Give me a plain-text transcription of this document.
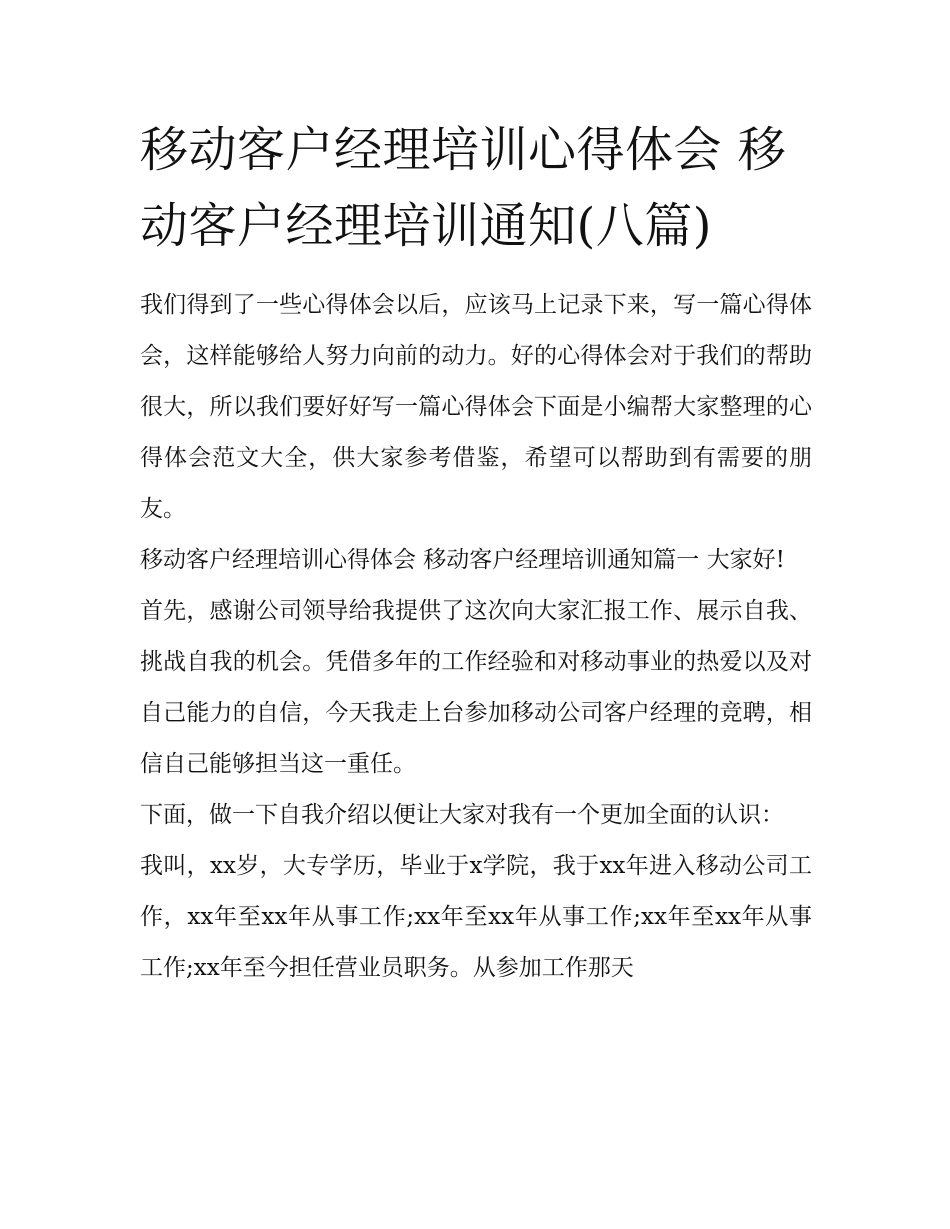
移动客户经理培训心得体会 移动客户经理培训通知(八篇)

我们得到了一些心得体会以后，应该马上记录下来，写一篇心得体会，这样能够给人努力向前的动力。好的心得体会对于我们的帮助很大，所以我们要好好写一篇心得体会下面是小编帮大家整理的心得体会范文大全，供大家参考借鉴，希望可以帮助到有需要的朋友。

移动客户经理培训心得体会 移动客户经理培训通知篇一 大家好!

首先，感谢公司领导给我提供了这次向大家汇报工作、展示自我、挑战自我的机会。凭借多年的工作经验和对移动事业的热爱以及对自己能力的自信，今天我走上台参加移动公司客户经理的竞聘，相信自己能够担当这一重任。

下面，做一下自我介绍以便让大家对我有一个更加全面的认识：

我叫，xx岁，大专学历，毕业于x学院，我于xx年进入移动公司工作，xx年至xx年从事工作;xx年至xx年从事工作;xx年至xx年从事工作;xx年至今担任营业员职务。从参加工作那天
